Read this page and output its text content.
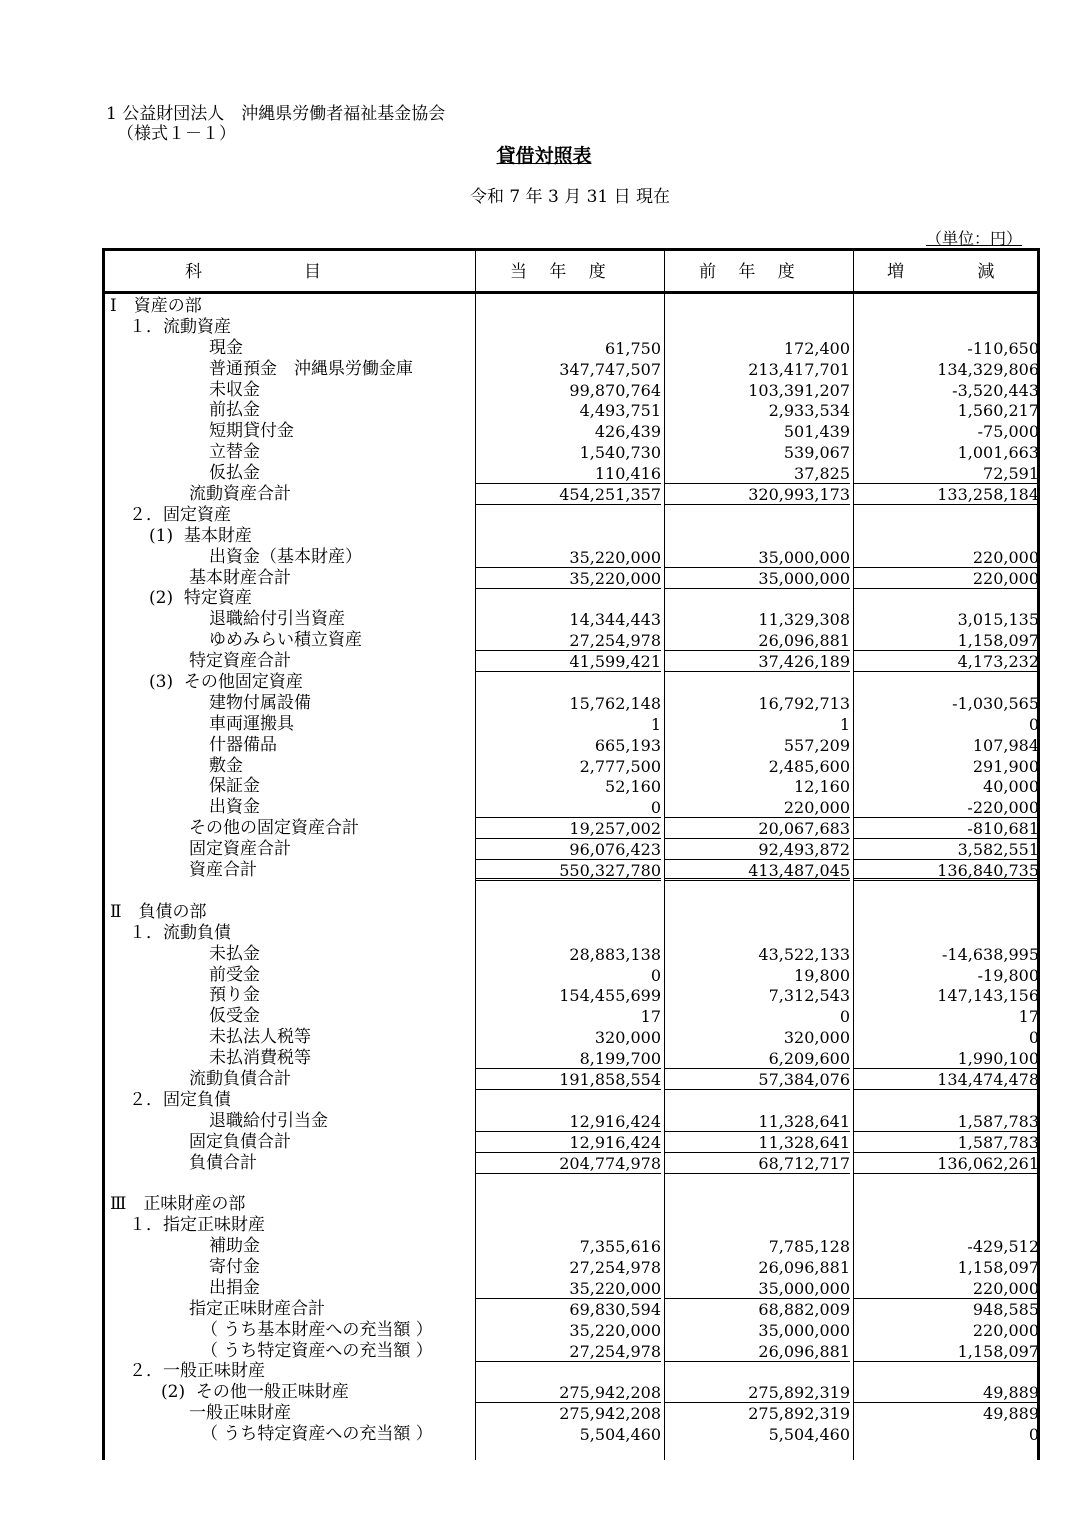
1 公益財団法人　沖縄県労働者福祉基金協会
（様式１－１）
貸借対照表
令和 7 年 3 月 31 日 現在
（単位：円）
科　　　　　　目	当　 年　 度	前　 年　 度	増　　　　 減
Ⅰ　資産の部
１．流動資産
現金	61,750	172,400	-110,650
普通預金　沖縄県労働金庫	347,747,507	213,417,701	134,329,806
未収金	99,870,764	103,391,207	-3,520,443
前払金	4,493,751	2,933,534	1,560,217
短期貸付金	426,439	501,439	-75,000
立替金	1,540,730	539,067	1,001,663
仮払金	110,416	37,825	72,591
流動資産合計	454,251,357	320,993,173	133,258,184
２．固定資産
(1)  基本財産
出資金（基本財産）	35,220,000	35,000,000	220,000
基本財産合計	35,220,000	35,000,000	220,000
(2)  特定資産
退職給付引当資産	14,344,443	11,329,308	3,015,135
ゆめみらい積立資産	27,254,978	26,096,881	1,158,097
特定資産合計	41,599,421	37,426,189	4,173,232
(3)  その他固定資産
建物付属設備	15,762,148	16,792,713	-1,030,565
車両運搬具	1	1	0
什器備品	665,193	557,209	107,984
敷金	2,777,500	2,485,600	291,900
保証金	52,160	12,160	40,000
出資金	0	220,000	-220,000
その他の固定資産合計	19,257,002	20,067,683	-810,681
固定資産合計	96,076,423	92,493,872	3,582,551
資産合計	550,327,780	413,487,045	136,840,735
Ⅱ　負債の部
１．流動負債
未払金	28,883,138	43,522,133	-14,638,995
前受金	0	19,800	-19,800
預り金	154,455,699	7,312,543	147,143,156
仮受金	17	0	17
未払法人税等	320,000	320,000	0
未払消費税等	8,199,700	6,209,600	1,990,100
流動負債合計	191,858,554	57,384,076	134,474,478
２．固定負債
退職給付引当金	12,916,424	11,328,641	1,587,783
固定負債合計	12,916,424	11,328,641	1,587,783
負債合計	204,774,978	68,712,717	136,062,261
Ⅲ　正味財産の部
１．指定正味財産
補助金	7,355,616	7,785,128	-429,512
寄付金	27,254,978	26,096,881	1,158,097
出捐金	35,220,000	35,000,000	220,000
指定正味財産合計	69,830,594	68,882,009	948,585
（ うち基本財産への充当額 ）	35,220,000	35,000,000	220,000
（ うち特定資産への充当額 ）	27,254,978	26,096,881	1,158,097
２．一般正味財産
(2)  その他一般正味財産	275,942,208	275,892,319	49,889
一般正味財産	275,942,208	275,892,319	49,889
（ うち特定資産への充当額 ）	5,504,460	5,504,460	0
